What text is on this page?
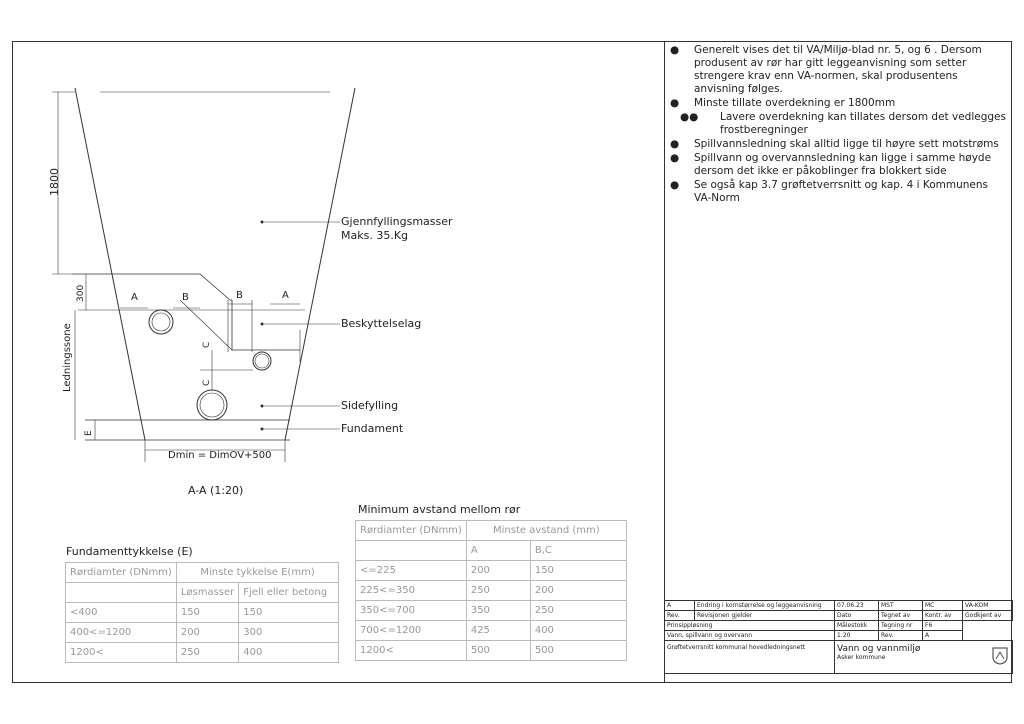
1800
300
Ledningssone
E
A	B	B	A
C
C
Gjennfyllingsmasser
Maks. 35.Kg
Beskyttelselag
Sidefylling
Fundament
Dmin = DimOV+500
A-A (1:20)
● Generelt vises det til VA/Miljø-blad nr. 5, og 6 . Dersom produsent av rør har gitt leggeanvisning som setter strengere krav enn VA-normen, skal produsentens anvisning følges.
● Minste tillate overdekning er 1800mm
●● Lavere overdekning kan tillates dersom det vedlegges frostberegninger
● Spillvannsledning skal alltid ligge til høyre sett motstrøms
● Spillvann og overvannsledning kan ligge i samme høyde dersom det ikke er påkoblinger fra blokkert side
● Se også kap 3.7 grøftetverrsnitt og kap. 4 i Kommunens VA-Norm
Fundamenttykkelse (E)
Rørdiamter (DNmm)	Minste tykkelse E(mm)	
	Løsmasser	Fjell eller betong
<400	150	150
400<=1200	200	300
1200<	250	400
Minimum avstand mellom rør
Rørdiamter (DNmm)	Minste avstand (mm)	
	A	B,C
<=225	200	150
225<=350	250	200
350<=700	350	250
700<=1200	425	400
1200<	500	500
A	Endring i kornstørrelse og leggeanvisning	07.06.23	MST	MC	VA-KOM
Rev.	Revisjonen gjelder	Dato	Tegnet av	Kontr. av	Godkjent av
Prinsippløsning		Målestokk	Tegning nr	F6	
Vann, spillvann og overvann		1:20	Rev.	A	
Grøftetverrsnitt kommunal hovedledningsnett		Vann og vannmiljø
Asker kommune			
